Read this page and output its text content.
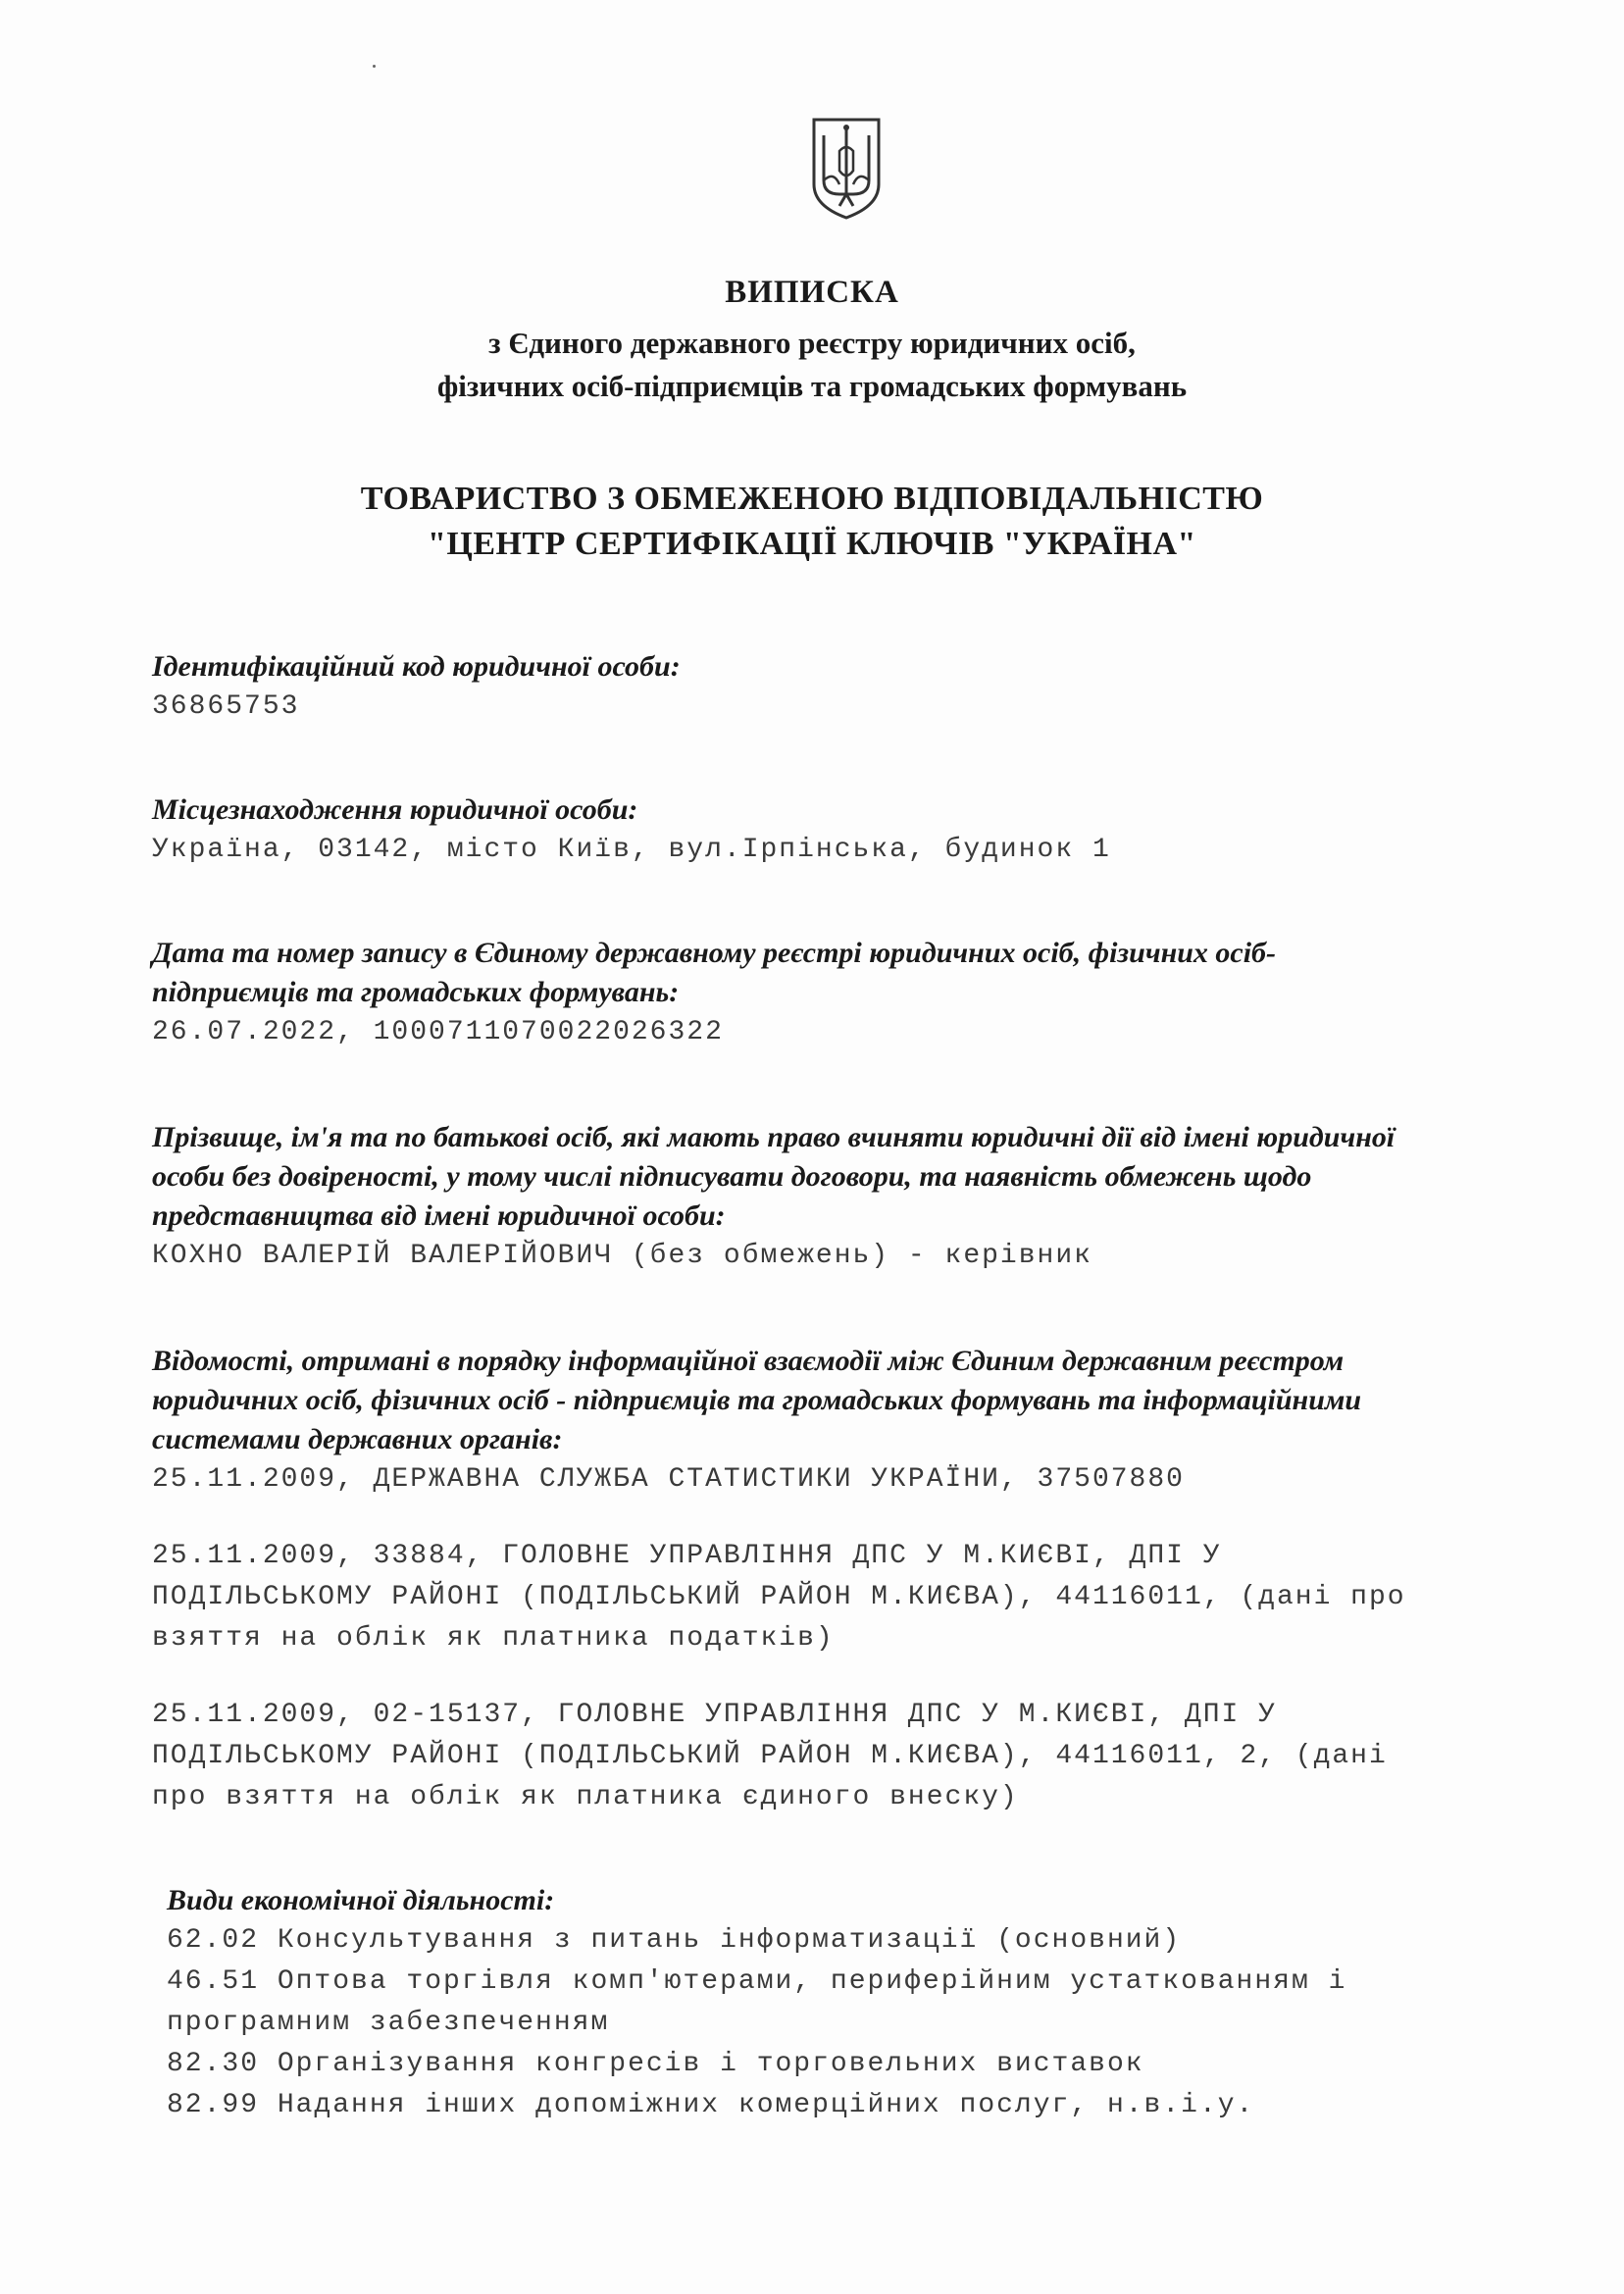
ВИПИСКА
з Єдиного державного реєстру юридичних осіб,
фізичних осіб-підприємців та громадських формувань
ТОВАРИСТВО З ОБМЕЖЕНОЮ ВІДПОВІДАЛЬНІСТЮ
"ЦЕНТР СЕРТИФІКАЦІЇ КЛЮЧІВ "УКРАЇНА"
Ідентифікаційний код юридичної особи:
36865753
Місцезнаходження юридичної особи:
Україна, 03142, місто Київ, вул.Ірпінська, будинок 1
Дата та номер запису в Єдиному державному реєстрі юридичних осіб, фізичних осіб-
підприємців та громадських формувань:
26.07.2022, 1000711070022026322
Прізвище, ім'я та по батькові осіб, які мають право вчиняти юридичні дії від імені юридичної
особи без довіреності, у тому числі підписувати договори, та наявність обмежень щодо
представництва від імені юридичної особи:
КОХНО ВАЛЕРІЙ ВАЛЕРІЙОВИЧ (без обмежень) - керівник
Відомості, отримані в порядку інформаційної взаємодії між Єдиним державним реєстром
юридичних осіб, фізичних осіб - підприємців та громадських формувань та інформаційними
системами державних органів:
25.11.2009, ДЕРЖАВНА СЛУЖБА СТАТИСТИКИ УКРАЇНИ, 37507880
25.11.2009, 33884, ГОЛОВНЕ УПРАВЛІННЯ ДПС У М.КИЄВІ, ДПІ У
ПОДІЛЬСЬКОМУ РАЙОНІ (ПОДІЛЬСЬКИЙ РАЙОН М.КИЄВА), 44116011, (дані про
взяття на облік як платника податків)
25.11.2009, 02-15137, ГОЛОВНЕ УПРАВЛІННЯ ДПС У М.КИЄВІ, ДПІ У
ПОДІЛЬСЬКОМУ РАЙОНІ (ПОДІЛЬСЬКИЙ РАЙОН М.КИЄВА), 44116011, 2, (дані
про взяття на облік як платника єдиного внеску)
Види економічної діяльності:
62.02 Консультування з питань інформатизації (основний)
46.51 Оптова торгівля комп'ютерами, периферійним устаткованням і
програмним забезпеченням
82.30 Організування конгресів і торговельних виставок
82.99 Надання інших допоміжних комерційних послуг, н.в.і.у.
